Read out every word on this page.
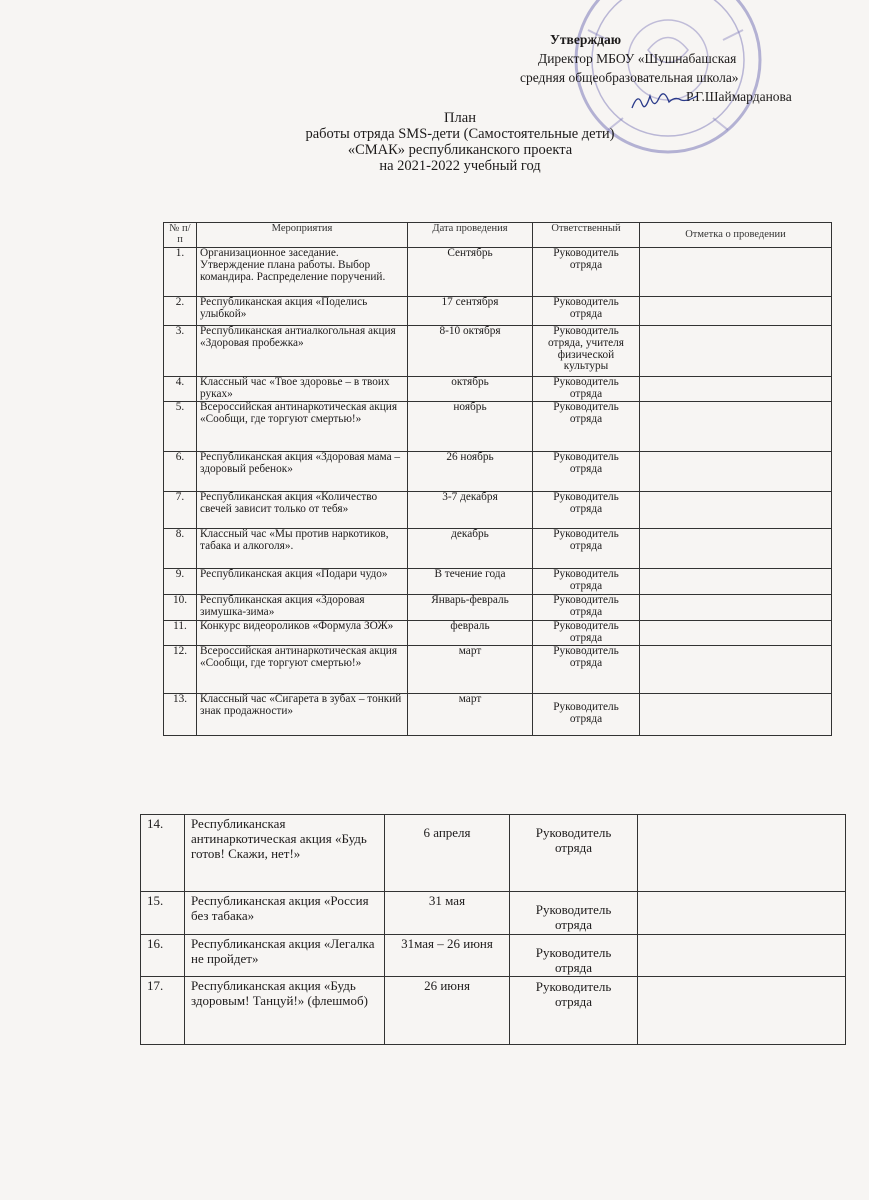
Утверждаю
Директор МБОУ «Шушнабашская
средняя общеобразовательная школа»
Р.Г.Шаймарданова
План
работы отряда SMS-дети (Самостоятельные дети)
«СМАК» республиканского проекта
на 2021-2022 учебный год
№ п/п	Мероприятия	Дата проведения	Ответственный	Отметка о проведении
1.	Организационное заседание. Утверждение плана работы. Выбор командира. Распределение поручений.	Сентябрь	Руководитель отряда	
2.	Республиканская акция «Поделись улыбкой»	17 сентября	Руководитель отряда	
3.	Республиканская антиалкогольная акция «Здоровая пробежка»	8-10 октября	Руководитель отряда, учителя физической культуры	
4.	Классный час «Твое здоровье – в твоих руках»	октябрь	Руководитель отряда	
5.	Всероссийская антинаркотическая акция «Сообщи, где торгуют смертью!»	ноябрь	Руководитель отряда	
6.	Республиканская акция «Здоровая мама – здоровый ребенок»	26 ноябрь	Руководитель отряда	
7.	Республиканская акция «Количество свечей зависит только от тебя»	3-7 декабря	Руководитель отряда	
8.	Классный час «Мы против наркотиков, табака и алкоголя».	декабрь	Руководитель отряда	
9.	Республиканская акция «Подари чудо»	В течение года	Руководитель отряда	
10.	Республиканская акция «Здоровая зимушка-зима»	Январь-февраль	Руководитель отряда	
11.	Конкурс видеороликов «Формула ЗОЖ»	февраль	Руководитель отряда	
12.	Всероссийская антинаркотическая акция «Сообщи, где торгуют смертью!»	март	Руководитель отряда	
13.	Классный час «Сигарета в зубах – тонкий знак продажности»	март	Руководитель отряда	
14.	Республиканская антинаркотическая акция «Будь готов! Скажи, нет!»	6 апреля	Руководитель отряда	
15.	Республиканская акция «Россия без табака»	31 мая	Руководитель отряда	
16.	Республиканская акция «Легалка не пройдет»	31мая – 26 июня	Руководитель отряда	
17.	Республиканская акция «Будь здоровым! Танцуй!» (флешмоб)	26 июня	Руководитель отряда	
